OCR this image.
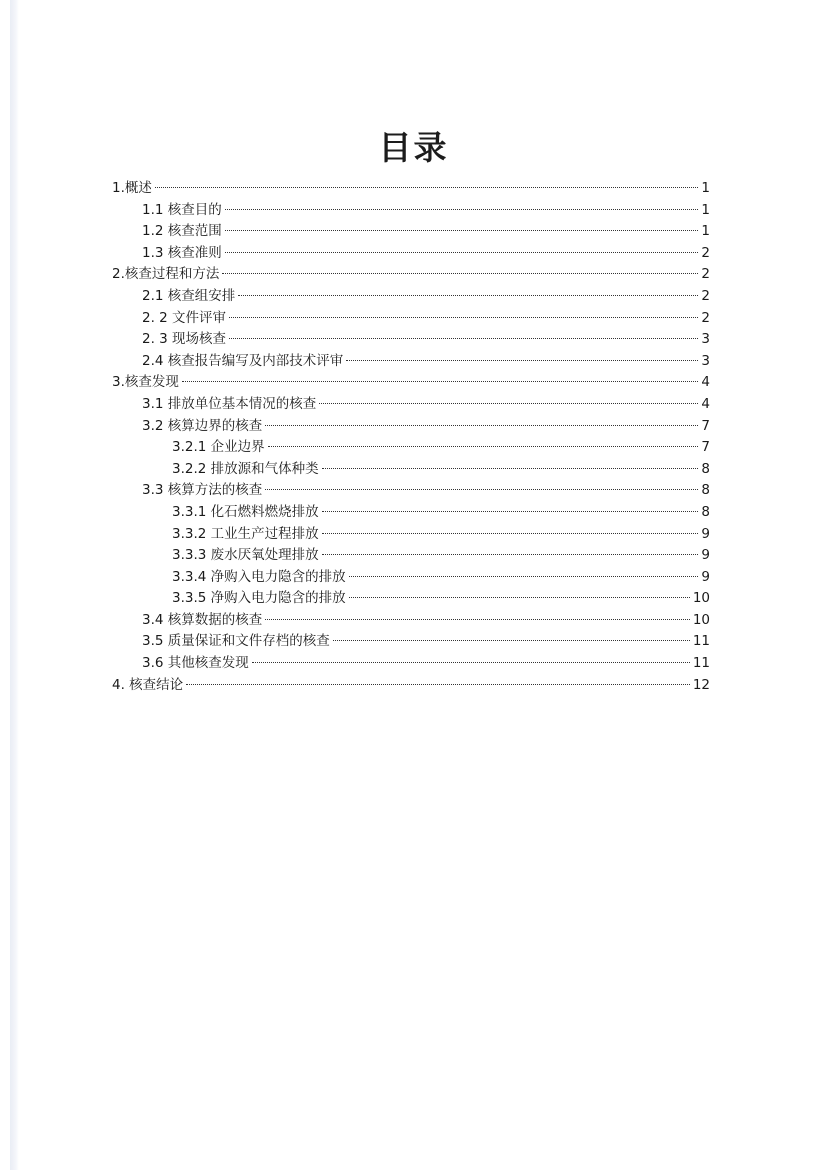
目录
1.概述	1
1.1 核查目的	1
1.2 核查范围	1
1.3 核查准则	2
2.核查过程和方法	2
2.1 核查组安排	2
2. 2 文件评审	2
2. 3 现场核查	3
2.4 核查报告编写及内部技术评审	3
3.核查发现	4
3.1 排放单位基本情况的核查	4
3.2 核算边界的核查	7
3.2.1 企业边界	7
3.2.2 排放源和气体种类	8
3.3 核算方法的核查	8
3.3.1 化石燃料燃烧排放	8
3.3.2 工业生产过程排放	9
3.3.3 废水厌氧处理排放	9
3.3.4 净购入电力隐含的排放	9
3.3.5 净购入电力隐含的排放	10
3.4 核算数据的核查	10
3.5 质量保证和文件存档的核查	11
3.6 其他核查发现	11
4. 核查结论	12
